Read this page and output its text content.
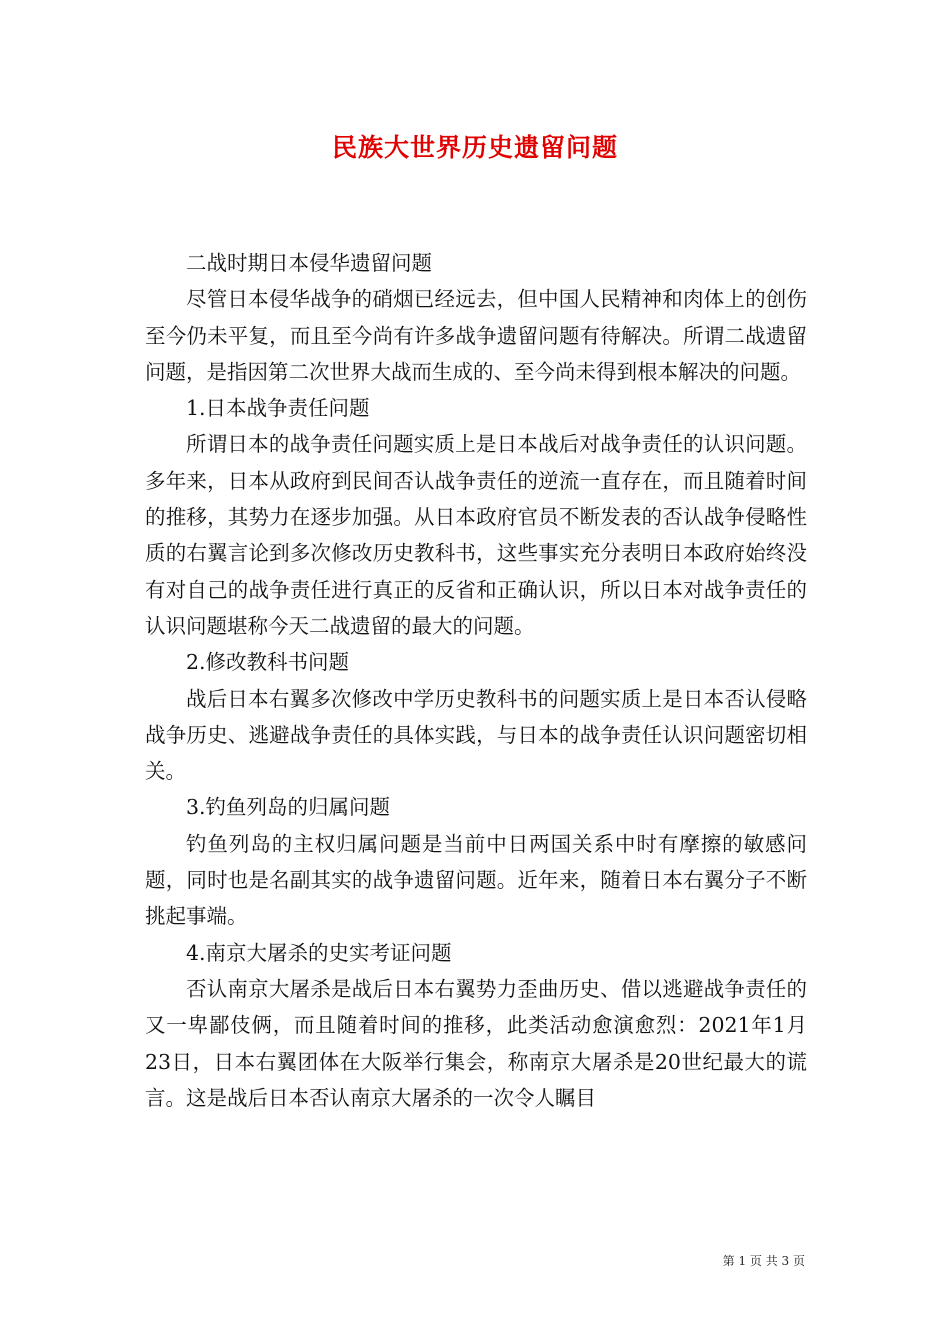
民族大世界历史遗留问题

二战时期日本侵华遗留问题

尽管日本侵华战争的硝烟已经远去，但中国人民精神和肉体上的创伤至今仍未平复，而且至今尚有许多战争遗留问题有待解决。所谓二战遗留问题，是指因第二次世界大战而生成的、至今尚未得到根本解决的问题。

1.日本战争责任问题

所谓日本的战争责任问题实质上是日本战后对战争责任的认识问题。多年来，日本从政府到民间否认战争责任的逆流一直存在，而且随着时间的推移，其势力在逐步加强。从日本政府官员不断发表的否认战争侵略性质的右翼言论到多次修改历史教科书，这些事实充分表明日本政府始终没有对自己的战争责任进行真正的反省和正确认识，所以日本对战争责任的认识问题堪称今天二战遗留的最大的问题。

2.修改教科书问题

战后日本右翼多次修改中学历史教科书的问题实质上是日本否认侵略战争历史、逃避战争责任的具体实践，与日本的战争责任认识问题密切相关。

3.钓鱼列岛的归属问题

钓鱼列岛的主权归属问题是当前中日两国关系中时有摩擦的敏感问题，同时也是名副其实的战争遗留问题。近年来，随着日本右翼分子不断挑起事端。

4.南京大屠杀的史实考证问题

否认南京大屠杀是战后日本右翼势力歪曲历史、借以逃避战争责任的又一卑鄙伎俩，而且随着时间的推移，此类活动愈演愈烈：2021年1月23日，日本右翼团体在大阪举行集会，称南京大屠杀是20世纪最大的谎言。这是战后日本否认南京大屠杀的一次令人瞩目

第 1 页 共 3 页
